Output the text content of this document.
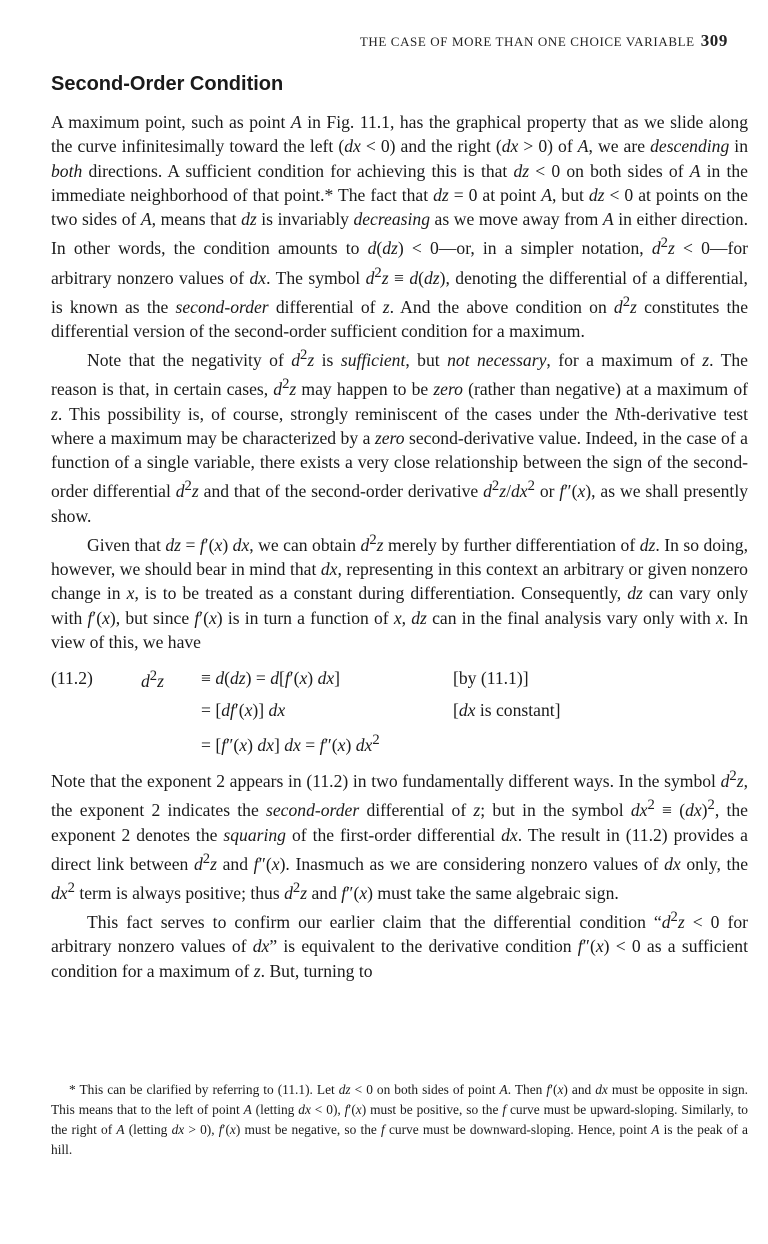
THE CASE OF MORE THAN ONE CHOICE VARIABLE 309
Second-Order Condition

A maximum point, such as point A in Fig. 11.1, has the graphical property that as we slide along the curve infinitesimally toward the left (dx < 0) and the right (dx > 0) of A, we are descending in both directions. A sufficient condition for achieving this is that dz < 0 on both sides of A in the immediate neighborhood of that point.* The fact that dz = 0 at point A, but dz < 0 at points on the two sides of A, means that dz is invariably decreasing as we move away from A in either direction. In other words, the condition amounts to d(dz) < 0—or, in a simpler notation, $d^2z$ < 0—for arbitrary nonzero values of dx. The symbol $d^2z \equiv d(dz)$, denoting the differential of a differential, is known as the second-order differential of z. And the above condition on $d^2z$ constitutes the differential version of the second-order sufficient condition for a maximum.

Note that the negativity of $d^2z$ is sufficient, but not necessary, for a maximum of z. The reason is that, in certain cases, $d^2z$ may happen to be zero (rather than negative) at a maximum of z. This possibility is, of course, strongly reminiscent of the cases under the Nth-derivative test where a maximum may be characterized by a zero second-derivative value. Indeed, in the case of a function of a single variable, there exists a very close relationship between the sign of the second-order differential $d^2z$ and that of the second-order derivative $d^2z/dx^2$ or f″(x), as we shall presently show.

Given that dz = f′(x) dx, we can obtain $d^2z$ merely by further differentiation of dz. In so doing, however, we should bear in mind that dx, representing in this context an arbitrary or given nonzero change in x, is to be treated as a constant during differentiation. Consequently, dz can vary only with f′(x), but since f′(x) is in turn a function of x, dz can in the final analysis vary only with x. In view of this, we have

(11.2)	$d^2z$	≡ d(dz) = d[f′(x) dx]	[by (11.1)]
= [df′(x)] dx	[dx is constant]
= [f″(x) dx] dx = f″(x) $dx^2$

Note that the exponent 2 appears in (11.2) in two fundamentally different ways. In the symbol $d^2z$, the exponent 2 indicates the second-order differential of z; but in the symbol $dx^2 \equiv (dx)^2$, the exponent 2 denotes the squaring of the first-order differential dx. The result in (11.2) provides a direct link between $d^2z$ and f″(x). Inasmuch as we are considering nonzero values of dx only, the $dx^2$ term is always positive; thus $d^2z$ and f″(x) must take the same algebraic sign.

This fact serves to confirm our earlier claim that the differential condition “$d^2z < 0$ for arbitrary nonzero values of dx” is equivalent to the derivative condition f″(x) < 0 as a sufficient condition for a maximum of z. But, turning to

* This can be clarified by referring to (11.1). Let dz < 0 on both sides of point A. Then f′(x) and dx must be opposite in sign. This means that to the left of point A (letting dx < 0), f′(x) must be positive, so the f curve must be upward-sloping. Similarly, to the right of A (letting dx > 0), f′(x) must be negative, so the f curve must be downward-sloping. Hence, point A is the peak of a hill.
